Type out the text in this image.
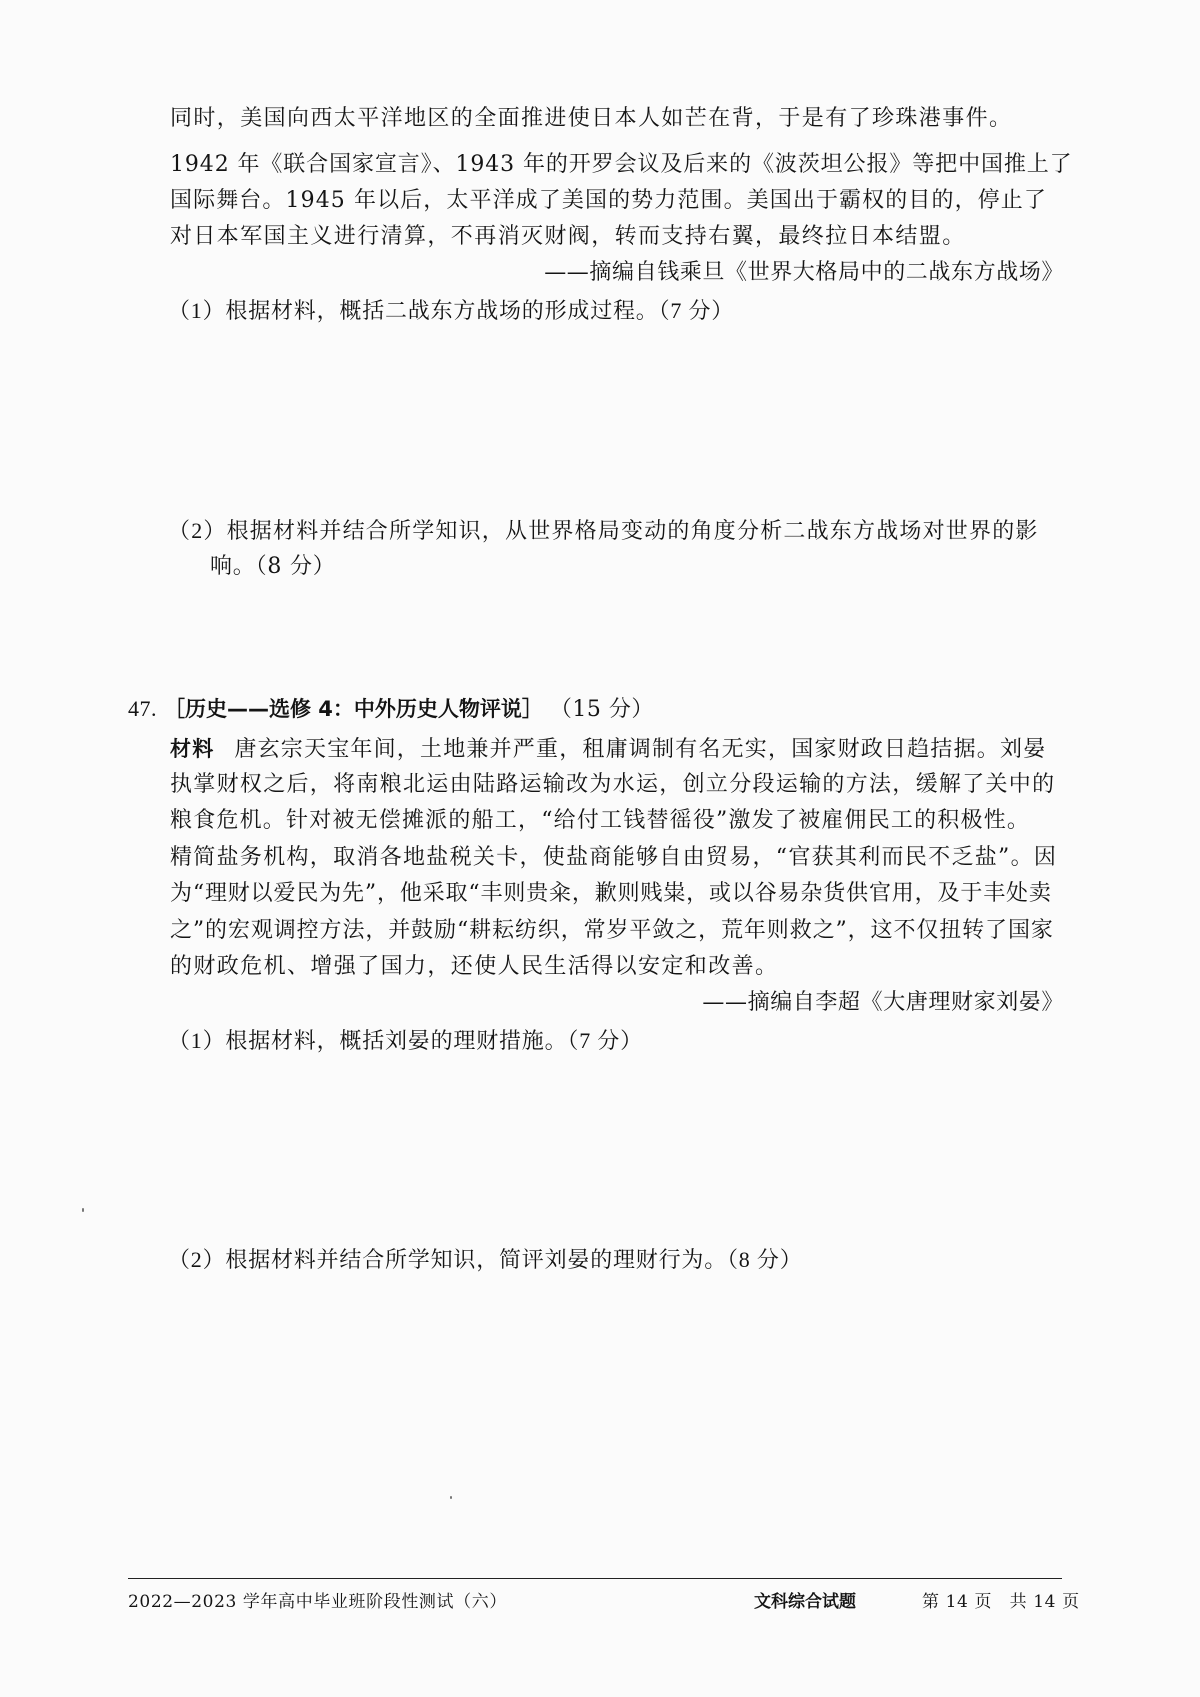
同时，美国向西太平洋地区的全面推进使日本人如芒在背，于是有了珍珠港事件。
1942 年《联合国家宣言》、1943 年的开罗会议及后来的《波茨坦公报》等把中国推上了
国际舞台。1945 年以后，太平洋成了美国的势力范围。美国出于霸权的目的，停止了
对日本军国主义进行清算，不再消灭财阀，转而支持右翼，最终拉日本结盟。
——摘编自钱乘旦《世界大格局中的二战东方战场》
（1）根据材料，概括二战东方战场的形成过程。（7 分）
（2）根据材料并结合所学知识，从世界格局变动的角度分析二战东方战场对世界的影
响。（8 分）
47. ［历史——选修 4：中外历史人物评说］ （15 分）
材料 唐玄宗天宝年间，土地兼并严重，租庸调制有名无实，国家财政日趋拮据。刘晏
执掌财权之后，将南粮北运由陆路运输改为水运，创立分段运输的方法，缓解了关中的
粮食危机。针对被无偿摊派的船工，“给付工钱替徭役”激发了被雇佣民工的积极性。
精简盐务机构，取消各地盐税关卡，使盐商能够自由贸易，“官获其利而民不乏盐”。因
为“理财以爱民为先”，他采取“丰则贵籴，歉则贱粜，或以谷易杂货供官用，及于丰处卖
之”的宏观调控方法，并鼓励“耕耘纺织，常岁平敛之，荒年则救之”，这不仅扭转了国家
的财政危机、增强了国力，还使人民生活得以安定和改善。
——摘编自李超《大唐理财家刘晏》
（1）根据材料，概括刘晏的理财措施。（7 分）
（2）根据材料并结合所学知识，简评刘晏的理财行为。（8 分）
2022—2023 学年高中毕业班阶段性测试（六）	文科综合试题	第 14 页　共 14 页
